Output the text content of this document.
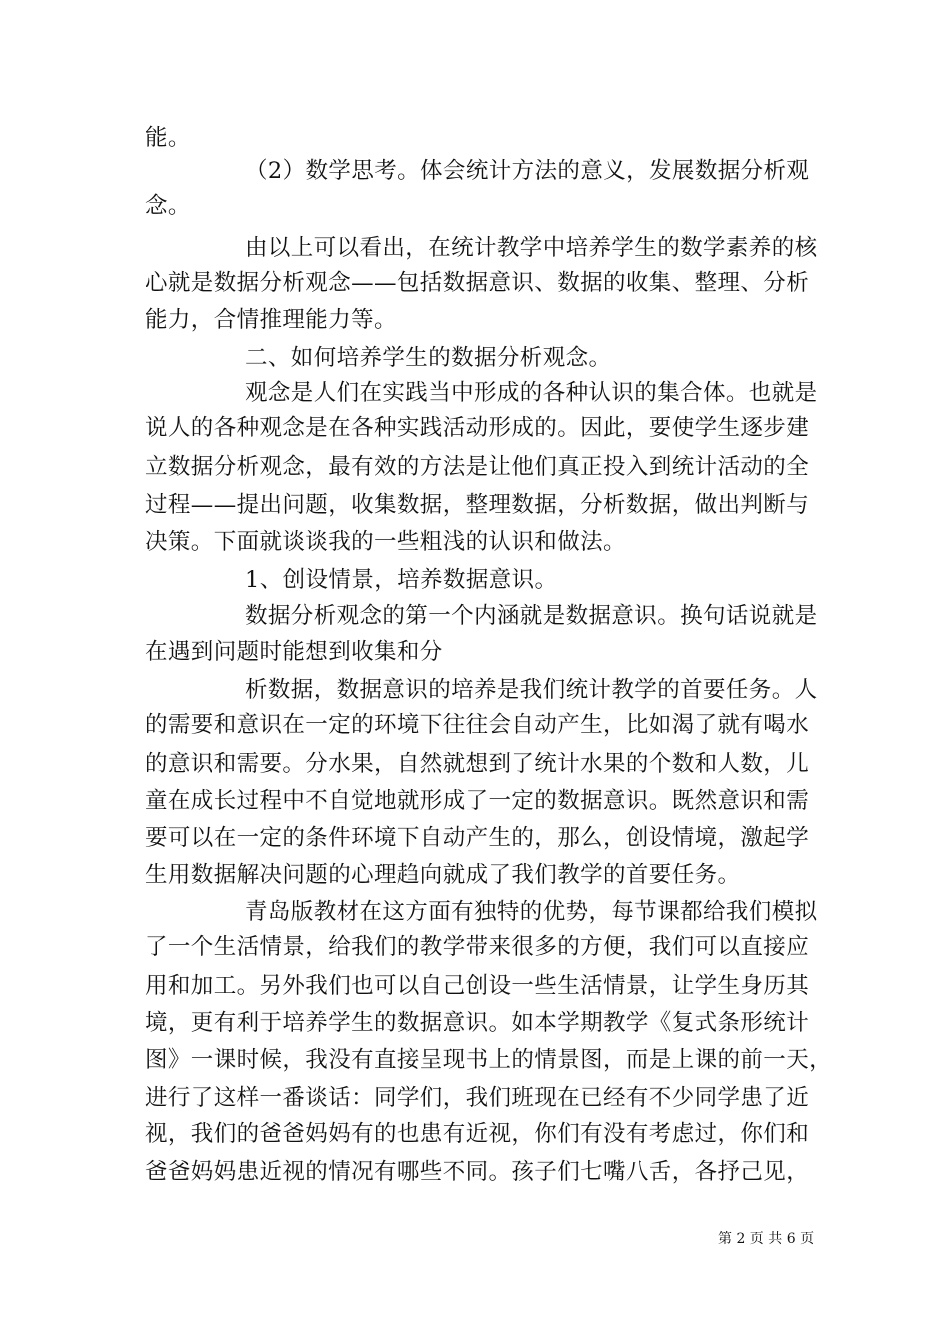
能。
（2）数学思考。体会统计方法的意义，发展数据分析观
念。
由以上可以看出，在统计教学中培养学生的数学素养的核
心就是数据分析观念——包括数据意识、数据的收集、整理、分析
能力，合情推理能力等。
二、如何培养学生的数据分析观念。
观念是人们在实践当中形成的各种认识的集合体。也就是
说人的各种观念是在各种实践活动形成的。因此，要使学生逐步建
立数据分析观念，最有效的方法是让他们真正投入到统计活动的全
过程——提出问题，收集数据，整理数据，分析数据，做出判断与
决策。下面就谈谈我的一些粗浅的认识和做法。
1、创设情景，培养数据意识。
数据分析观念的第一个内涵就是数据意识。换句话说就是
在遇到问题时能想到收集和分
析数据，数据意识的培养是我们统计教学的首要任务。人
的需要和意识在一定的环境下往往会自动产生，比如渴了就有喝水
的意识和需要。分水果，自然就想到了统计水果的个数和人数，儿
童在成长过程中不自觉地就形成了一定的数据意识。既然意识和需
要可以在一定的条件环境下自动产生的，那么，创设情境，激起学
生用数据解决问题的心理趋向就成了我们教学的首要任务。
青岛版教材在这方面有独特的优势，每节课都给我们模拟
了一个生活情景，给我们的教学带来很多的方便，我们可以直接应
用和加工。另外我们也可以自己创设一些生活情景，让学生身历其
境，更有利于培养学生的数据意识。如本学期教学《复式条形统计
图》一课时候，我没有直接呈现书上的情景图，而是上课的前一天，
进行了这样一番谈话：同学们，我们班现在已经有不少同学患了近
视，我们的爸爸妈妈有的也患有近视，你们有没有考虑过，你们和
爸爸妈妈患近视的情况有哪些不同。孩子们七嘴八舌，各抒己见，
第 2 页 共 6 页
